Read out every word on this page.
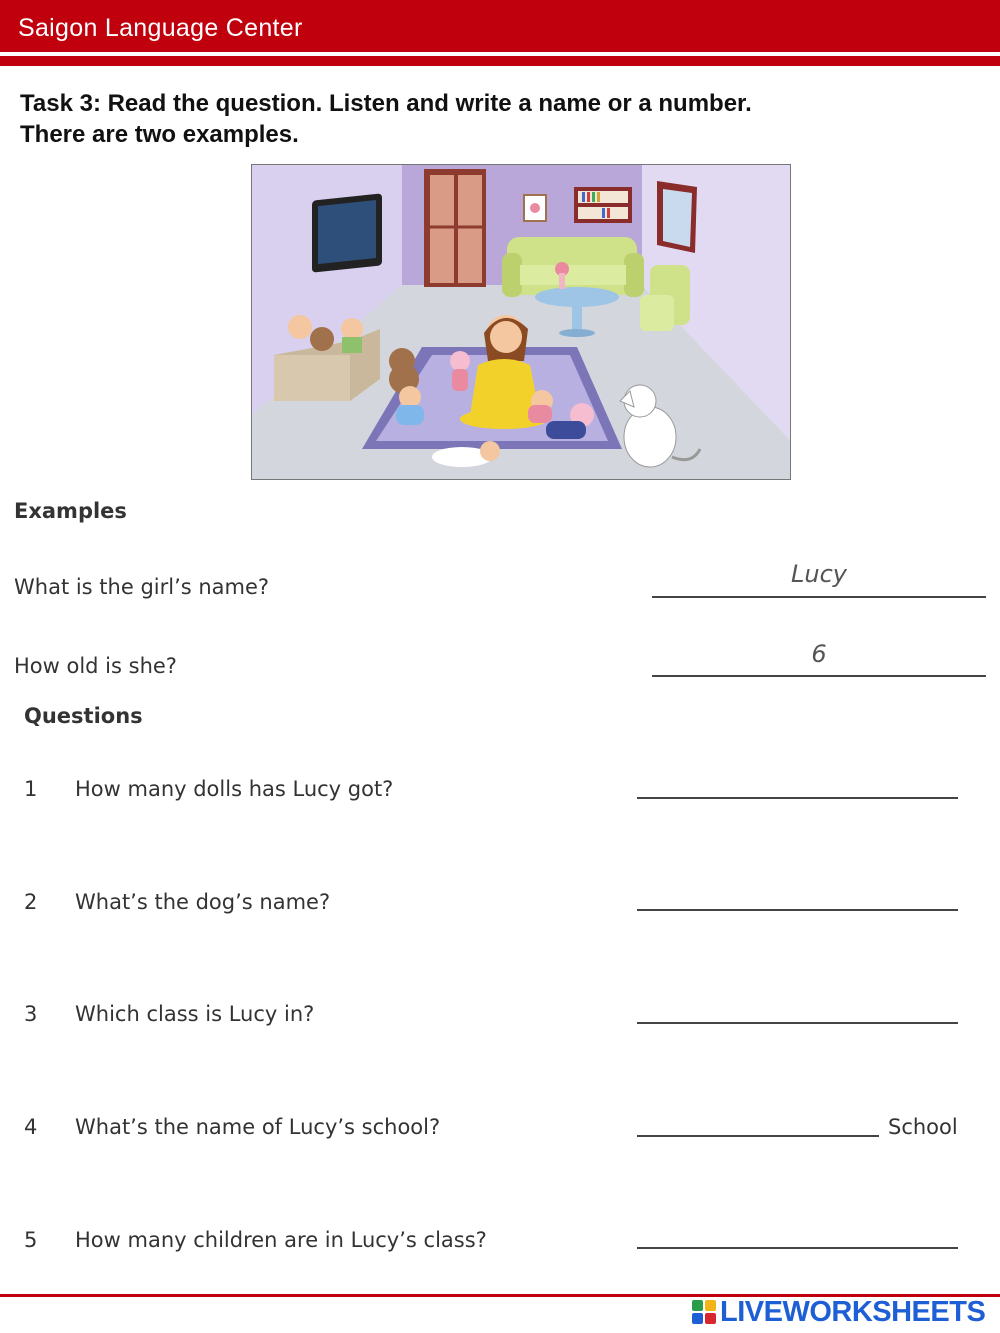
Saigon Language Center
Task 3: Read the question. Listen and write a name or a number.
There are two examples.
Examples
What is the girl’s name?	Lucy
How old is she?	6
Questions
1 How many dolls has Lucy got?
2 What’s the dog’s name?
3 Which class is Lucy in?
4 What’s the name of Lucy’s school?	School
5 How many children are in Lucy’s class?
LIVEWORKSHEETS
